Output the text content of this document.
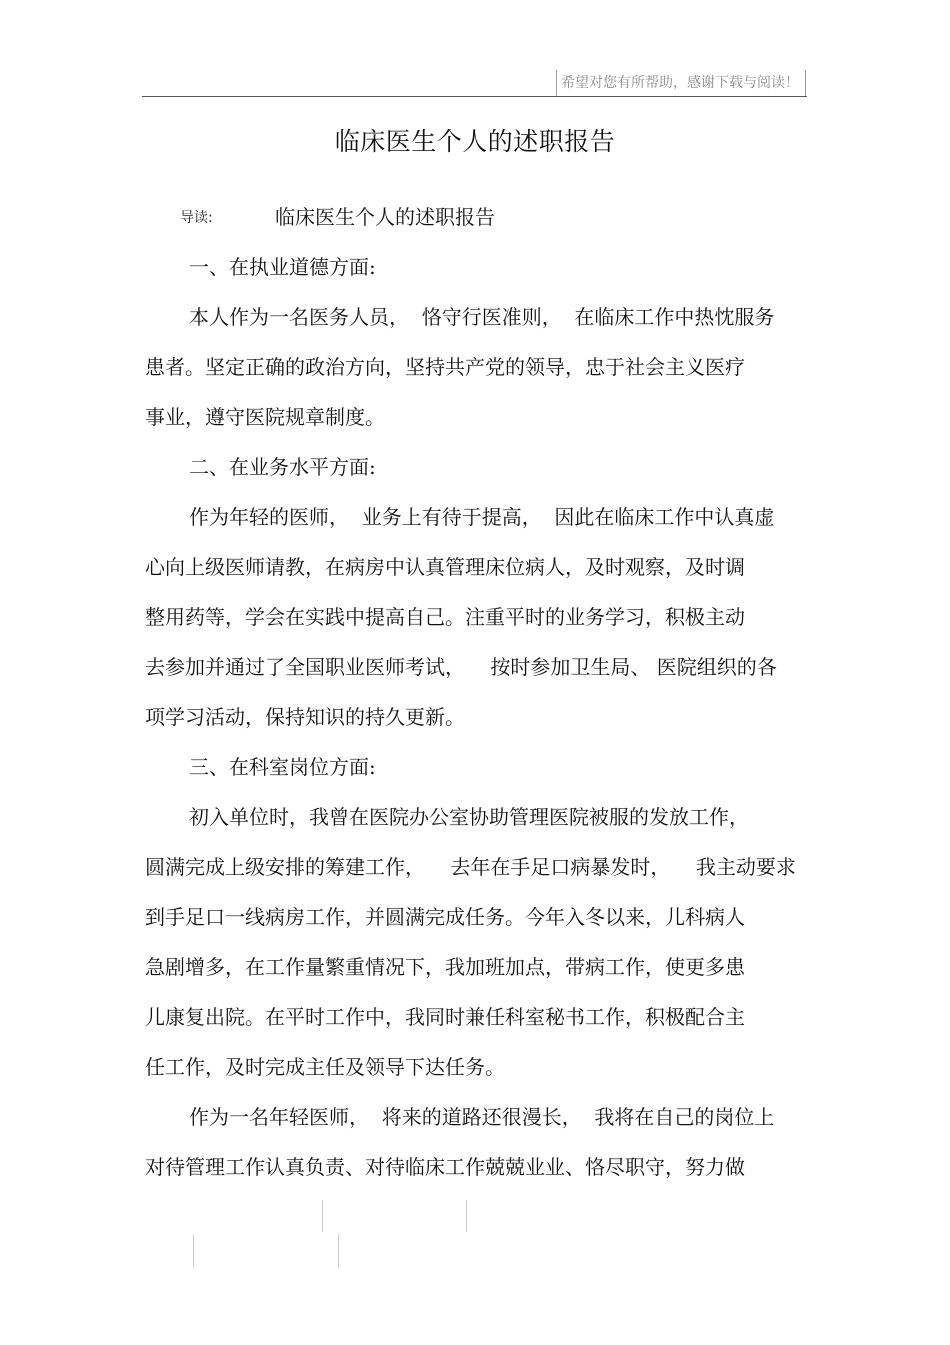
希望对您有所帮助，感谢下载与阅读！
临床医生个人的述职报告
导读:	临床医生个人的述职报告
一、在执业道德方面:
本人作为一名医务人员，  恪守行医准则，  在临床工作中热忱服务
患者。坚定正确的政治方向，坚持共产党的领导，忠于社会主义医疗
事业，遵守医院规章制度。
二、在业务水平方面:
作为年轻的医师，  业务上有待于提高，  因此在临床工作中认真虚
心向上级医师请教，在病房中认真管理床位病人，及时观察，及时调
整用药等，学会在实践中提高自己。注重平时的业务学习，积极主动
去参加并通过了全国职业医师考试，    按时参加卫生局、 医院组织的各
项学习活动，保持知识的持久更新。
三、在科室岗位方面:
初入单位时，我曾在医院办公室协助管理医院被服的发放工作，
圆满完成上级安排的筹建工作，    去年在手足口病暴发时，    我主动要求
到手足口一线病房工作，并圆满完成任务。今年入冬以来，儿科病人
急剧增多，在工作量繁重情况下，我加班加点，带病工作，使更多患
儿康复出院。在平时工作中，我同时兼任科室秘书工作，积极配合主
任工作，及时完成主任及领导下达任务。
作为一名年轻医师，  将来的道路还很漫长，  我将在自己的岗位上
对待管理工作认真负责、对待临床工作兢兢业业、恪尽职守，努力做
